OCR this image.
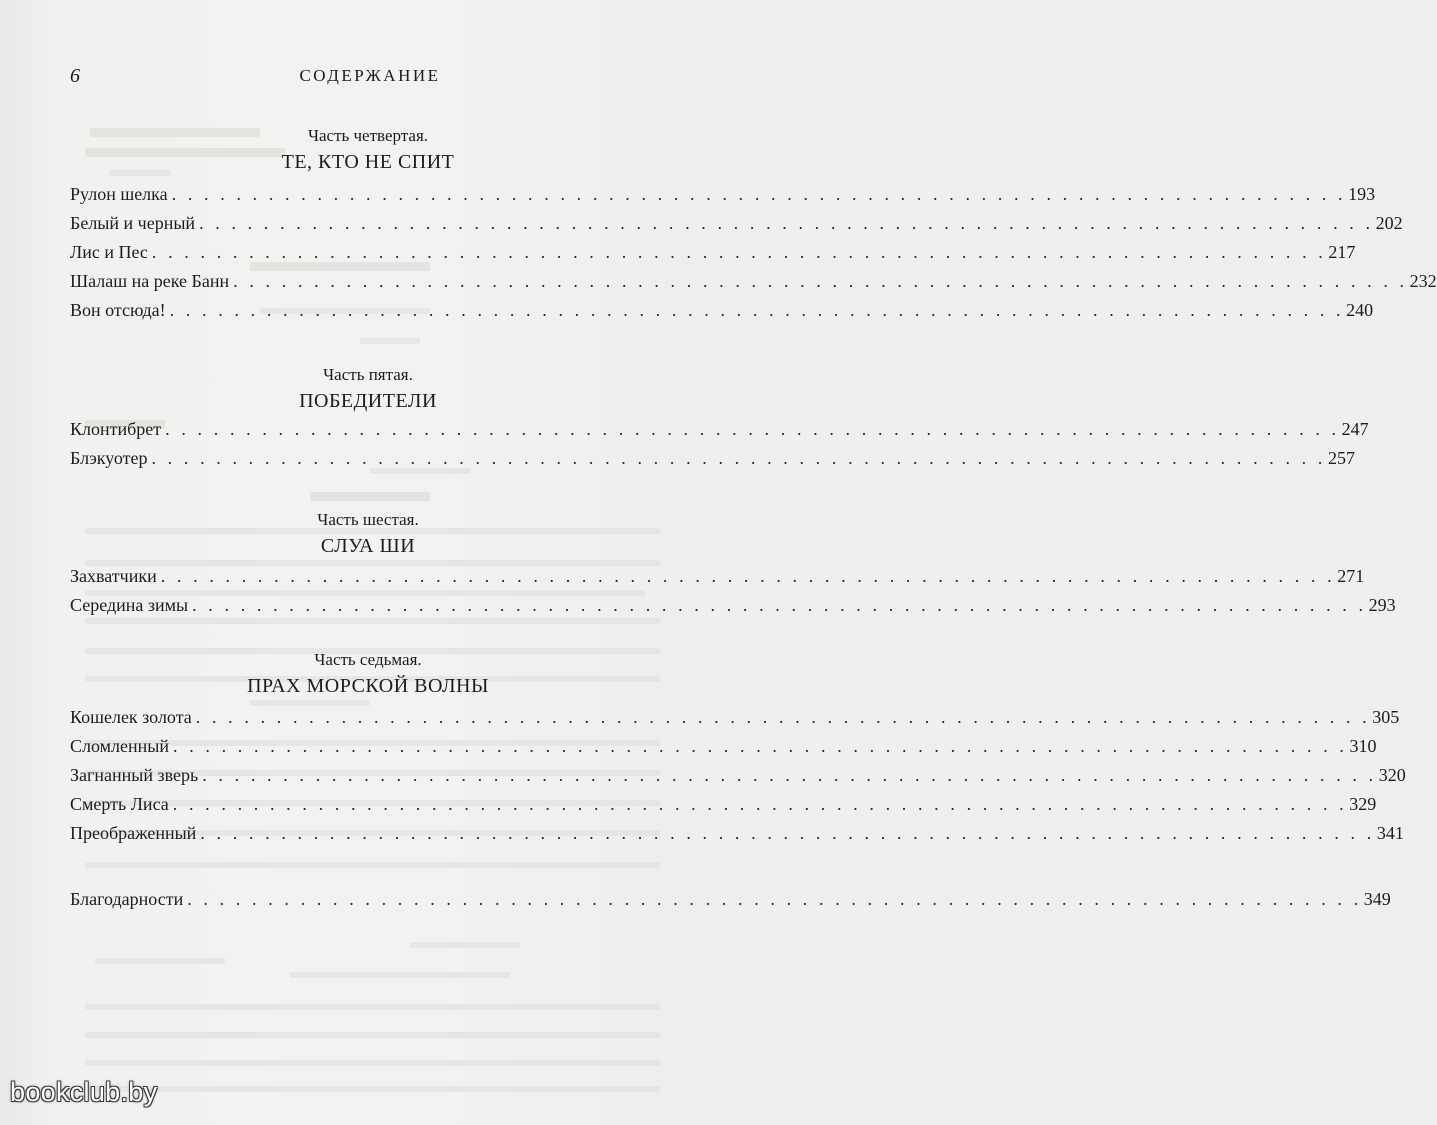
6	СОДЕРЖАНИЕ
Часть четвертая.
ТЕ, КТО НЕ СПИТ
Рулон шелка . . . . . . . . . . . . . . . . . . . . . . . . . . . . . . . . . . . . . . . . . . . . . . . . . . . . . . . . . . . . . . . . . . . . . . . . . 193
Белый и черный . . . . . . . . . . . . . . . . . . . . . . . . . . . . . . . . . . . . . . . . . . . . . . . . . . . . . . . . . . . . . . . . . . . . . . . . . 202
Лис и Пес . . . . . . . . . . . . . . . . . . . . . . . . . . . . . . . . . . . . . . . . . . . . . . . . . . . . . . . . . . . . . . . . . . . . . . . . . 217
Шалаш на реке Банн . . . . . . . . . . . . . . . . . . . . . . . . . . . . . . . . . . . . . . . . . . . . . . . . . . . . . . . . . . . . . . . . . . . . . . . . . 232
Вон отсюда! . . . . . . . . . . . . . . . . . . . . . . . . . . . . . . . . . . . . . . . . . . . . . . . . . . . . . . . . . . . . . . . . . . . . . . . . . 240
Часть пятая.
ПОБЕДИТЕЛИ
Клонтибрет . . . . . . . . . . . . . . . . . . . . . . . . . . . . . . . . . . . . . . . . . . . . . . . . . . . . . . . . . . . . . . . . . . . . . . . . . 247
Блэкуотер . . . . . . . . . . . . . . . . . . . . . . . . . . . . . . . . . . . . . . . . . . . . . . . . . . . . . . . . . . . . . . . . . . . . . . . . . 257
Часть шестая.
СЛУА ШИ
Захватчики . . . . . . . . . . . . . . . . . . . . . . . . . . . . . . . . . . . . . . . . . . . . . . . . . . . . . . . . . . . . . . . . . . . . . . . . . 271
Середина зимы . . . . . . . . . . . . . . . . . . . . . . . . . . . . . . . . . . . . . . . . . . . . . . . . . . . . . . . . . . . . . . . . . . . . . . . . . 293
Часть седьмая.
ПРАХ МОРСКОЙ ВОЛНЫ
Кошелек золота . . . . . . . . . . . . . . . . . . . . . . . . . . . . . . . . . . . . . . . . . . . . . . . . . . . . . . . . . . . . . . . . . . . . . . . . . 305
Сломленный . . . . . . . . . . . . . . . . . . . . . . . . . . . . . . . . . . . . . . . . . . . . . . . . . . . . . . . . . . . . . . . . . . . . . . . . . 310
Загнанный зверь . . . . . . . . . . . . . . . . . . . . . . . . . . . . . . . . . . . . . . . . . . . . . . . . . . . . . . . . . . . . . . . . . . . . . . . . . 320
Смерть Лиса . . . . . . . . . . . . . . . . . . . . . . . . . . . . . . . . . . . . . . . . . . . . . . . . . . . . . . . . . . . . . . . . . . . . . . . . . 329
Преображенный . . . . . . . . . . . . . . . . . . . . . . . . . . . . . . . . . . . . . . . . . . . . . . . . . . . . . . . . . . . . . . . . . . . . . . . . . 341
Благодарности . . . . . . . . . . . . . . . . . . . . . . . . . . . . . . . . . . . . . . . . . . . . . . . . . . . . . . . . . . . . . . . . . . . . . . . . . 349
bookclub.by
